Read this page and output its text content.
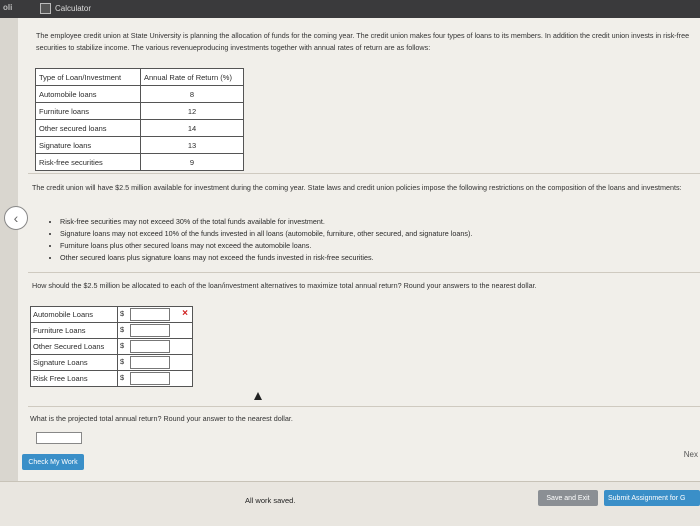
oli	Calculator
The employee credit union at State University is planning the allocation of funds for the coming year. The credit union makes four types of loans to its members. In addition the credit union invests in risk-free securities to stabilize income. The various revenueproducing investments together with annual rates of return are as follows:
Type of Loan/Investment	Annual Rate of Return (%)
Automobile loans	8
Furniture loans	12
Other secured loans	14
Signature loans	13
Risk-free securities	9
The credit union will have $2.5 million available for investment during the coming year. State laws and credit union policies impose the following restrictions on the composition of the loans and investments:
• Risk-free securities may not exceed 30% of the total funds available for investment.
• Signature loans may not exceed 10% of the funds invested in all loans (automobile, furniture, other secured, and signature loans).
• Furniture loans plus other secured loans may not exceed the automobile loans.
• Other secured loans plus signature loans may not exceed the funds invested in risk-free securities.
‹
How should the $2.5 million be allocated to each of the loan/investment alternatives to maximize total annual return? Round your answers to the nearest dollar.
Automobile Loans	$ ×

Furniture Loans	$
Other Secured Loans	$
Signature Loans	$
Risk Free Loans	$
What is the projected total annual return? Round your answer to the nearest dollar.
Check My Work
Nex
All work saved.	Save and Exit	Submit Assignment for G
